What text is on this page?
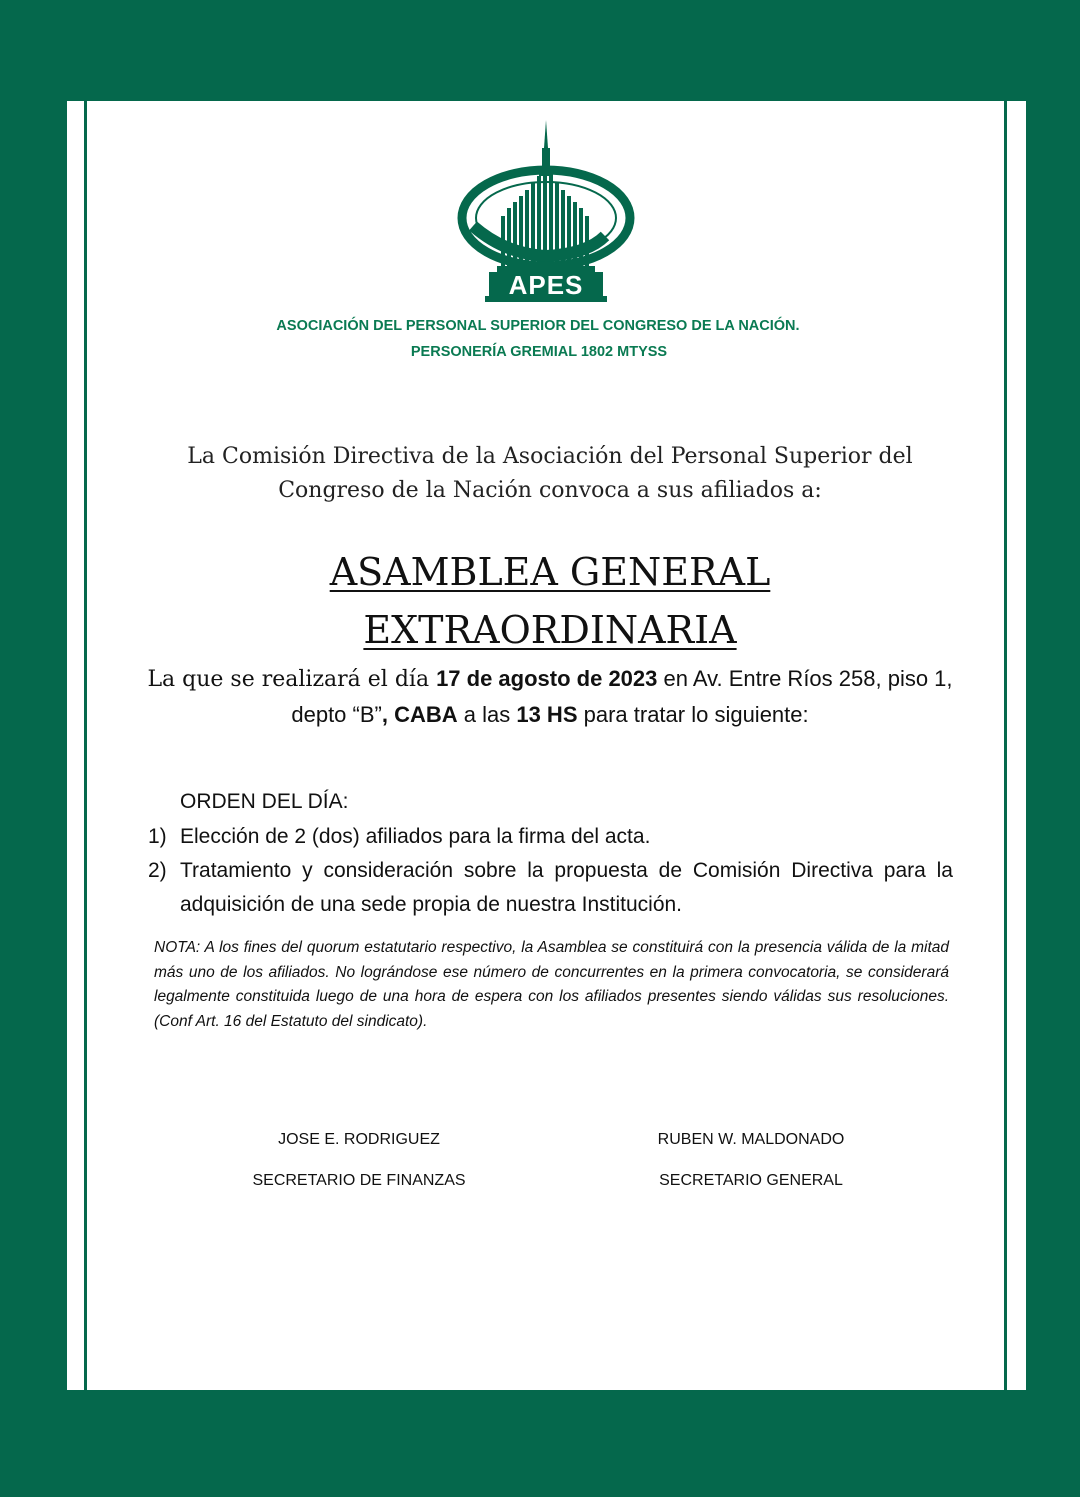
APES
ASOCIACIÓN DEL PERSONAL SUPERIOR DEL CONGRESO DE LA NACIÓN.
PERSONERÍA GREMIAL 1802 MTYSS
La Comisión Directiva de la Asociación del Personal Superior del
Congreso de la Nación convoca a sus afiliados a:
ASAMBLEA GENERAL
EXTRAORDINARIA
La que se realizará el día 17 de agosto de 2023 en Av. Entre Ríos 258, piso 1,
depto “B”, CABA a las 13 HS para tratar lo siguiente:
ORDEN DEL DÍA:
1) Elección de 2 (dos) afiliados para la firma del acta.
2) Tratamiento y consideración sobre la propuesta de Comisión Directiva para la adquisición de una sede propia de nuestra Institución.
NOTA: A los fines del quorum estatutario respectivo, la Asamblea se constituirá con la presencia válida de la mitad más uno de los afiliados. No lográndose ese número de concurrentes en la primera convocatoria, se considerará legalmente constituida luego de una hora de espera con los afiliados presentes siendo válidas sus resoluciones. (Conf Art. 16 del Estatuto del sindicato).
JOSE E. RODRIGUEZ
SECRETARIO DE FINANZAS
RUBEN W. MALDONADO
SECRETARIO GENERAL
